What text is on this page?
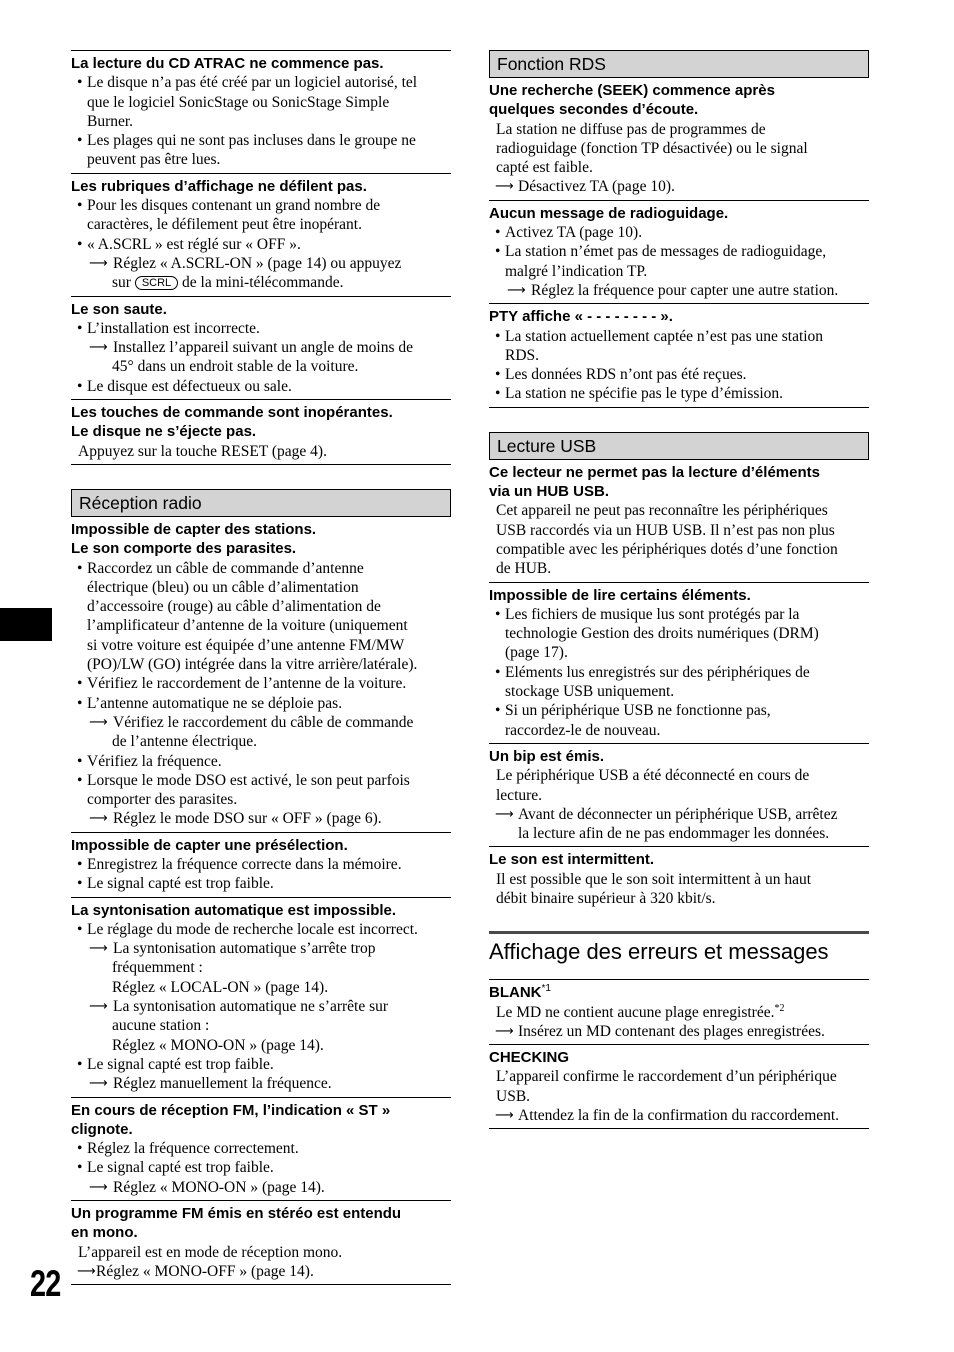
22
La lecture du CD ATRAC ne commence pas.
• Le disque n’a pas été créé par un logiciel autorisé, tel
que le logiciel SonicStage ou SonicStage Simple
Burner.
• Les plages qui ne sont pas incluses dans le groupe ne
peuvent pas être lues.
Les rubriques d’affichage ne défilent pas.
• Pour les disques contenant un grand nombre de
caractères, le défilement peut être inopérant.
• « A.SCRL » est réglé sur « OFF ».
⟶ Réglez « A.SCRL-ON » (page 14) ou appuyez
sur SCRL de la mini-télécommande.
Le son saute.
• L’installation est incorrecte.
⟶ Installez l’appareil suivant un angle de moins de
45° dans un endroit stable de la voiture.
• Le disque est défectueux ou sale.
Les touches de commande sont inopérantes.
Le disque ne s’éjecte pas.
Appuyez sur la touche RESET (page 4).
Réception radio
Impossible de capter des stations.
Le son comporte des parasites.
• Raccordez un câble de commande d’antenne
électrique (bleu) ou un câble d’alimentation
d’accessoire (rouge) au câble d’alimentation de
l’amplificateur d’antenne de la voiture (uniquement
si votre voiture est équipée d’une antenne FM/MW
(PO)/LW (GO) intégrée dans la vitre arrière/latérale).
• Vérifiez le raccordement de l’antenne de la voiture.
• L’antenne automatique ne se déploie pas.
⟶ Vérifiez le raccordement du câble de commande
de l’antenne électrique.
• Vérifiez la fréquence.
• Lorsque le mode DSO est activé, le son peut parfois
comporter des parasites.
⟶ Réglez le mode DSO sur « OFF » (page 6).
Impossible de capter une présélection.
• Enregistrez la fréquence correcte dans la mémoire.
• Le signal capté est trop faible.
La syntonisation automatique est impossible.
• Le réglage du mode de recherche locale est incorrect.
⟶ La syntonisation automatique s’arrête trop
fréquemment :
Réglez « LOCAL-ON » (page 14).
⟶ La syntonisation automatique ne s’arrête sur
aucune station :
Réglez « MONO-ON » (page 14).
• Le signal capté est trop faible.
⟶ Réglez manuellement la fréquence.
En cours de réception FM, l’indication « ST »
clignote.
• Réglez la fréquence correctement.
• Le signal capté est trop faible.
⟶ Réglez « MONO-ON » (page 14).
Un programme FM émis en stéréo est entendu
en mono.
L’appareil est en mode de réception mono.
⟶ Réglez « MONO-OFF » (page 14).
Fonction RDS
Une recherche (SEEK) commence après
quelques secondes d’écoute.
La station ne diffuse pas de programmes de
radioguidage (fonction TP désactivée) ou le signal
capté est faible.
⟶ Désactivez TA (page 10).
Aucun message de radioguidage.
• Activez TA (page 10).
• La station n’émet pas de messages de radioguidage,
malgré l’indication TP.
⟶ Réglez la fréquence pour capter une autre station.
PTY affiche « - - - - - - - - ».
• La station actuellement captée n’est pas une station
RDS.
• Les données RDS n’ont pas été reçues.
• La station ne spécifie pas le type d’émission.
Lecture USB
Ce lecteur ne permet pas la lecture d’éléments
via un HUB USB.
Cet appareil ne peut pas reconnaître les périphériques
USB raccordés via un HUB USB. Il n’est pas non plus
compatible avec les périphériques dotés d’une fonction
de HUB.
Impossible de lire certains éléments.
• Les fichiers de musique lus sont protégés par la
technologie Gestion des droits numériques (DRM)
(page 17).
• Eléments lus enregistrés sur des périphériques de
stockage USB uniquement.
• Si un périphérique USB ne fonctionne pas,
raccordez-le de nouveau.
Un bip est émis.
Le périphérique USB a été déconnecté en cours de
lecture.
⟶ Avant de déconnecter un périphérique USB, arrêtez
la lecture afin de ne pas endommager les données.
Le son est intermittent.
Il est possible que le son soit intermittent à un haut
débit binaire supérieur à 320 kbit/s.
Affichage des erreurs et messages
BLANK$^{*1}$
Le MD ne contient aucune plage enregistrée.$^{*2}$
⟶ Insérez un MD contenant des plages enregistrées.
CHECKING
L’appareil confirme le raccordement d’un périphérique
USB.
⟶ Attendez la fin de la confirmation du raccordement.
